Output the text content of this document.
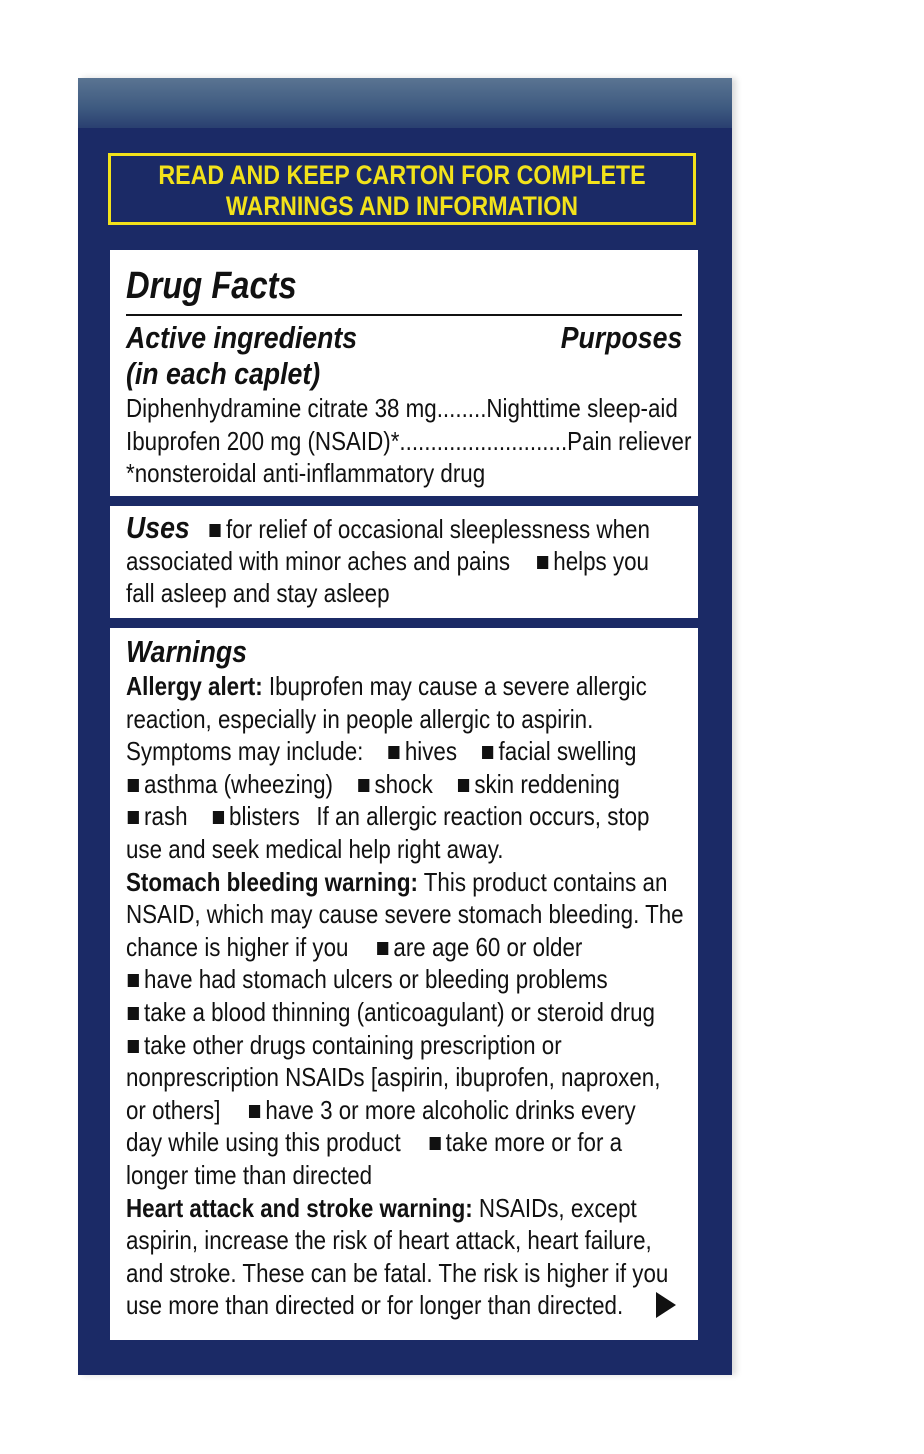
READ AND KEEP CARTON FOR COMPLETE
WARNINGS AND INFORMATION
Drug Facts
Active ingredients	Purposes
(in each caplet)
Diphenhydramine citrate 38 mg........Nighttime sleep-aid
Ibuprofen 200 mg (NSAID)*...........................Pain reliever
*nonsteroidal anti-inflammatory drug
Uses for relief of occasional sleeplessness when
associated with minor aches and pains helps you
fall asleep and stay asleep
Warnings
Allergy alert: Ibuprofen may cause a severe allergic
reaction, especially in people allergic to aspirin.
Symptoms may include: hives facial swelling
asthma (wheezing) shock skin reddening
rash blisters If an allergic reaction occurs, stop
use and seek medical help right away.
Stomach bleeding warning: This product contains an
NSAID, which may cause severe stomach bleeding. The
chance is higher if you are age 60 or older
have had stomach ulcers or bleeding problems
take a blood thinning (anticoagulant) or steroid drug
take other drugs containing prescription or
nonprescription NSAIDs [aspirin, ibuprofen, naproxen,
or others] have 3 or more alcoholic drinks every
day while using this product take more or for a
longer time than directed
Heart attack and stroke warning: NSAIDs, except
aspirin, increase the risk of heart attack, heart failure,
and stroke. These can be fatal. The risk is higher if you
use more than directed or for longer than directed.
